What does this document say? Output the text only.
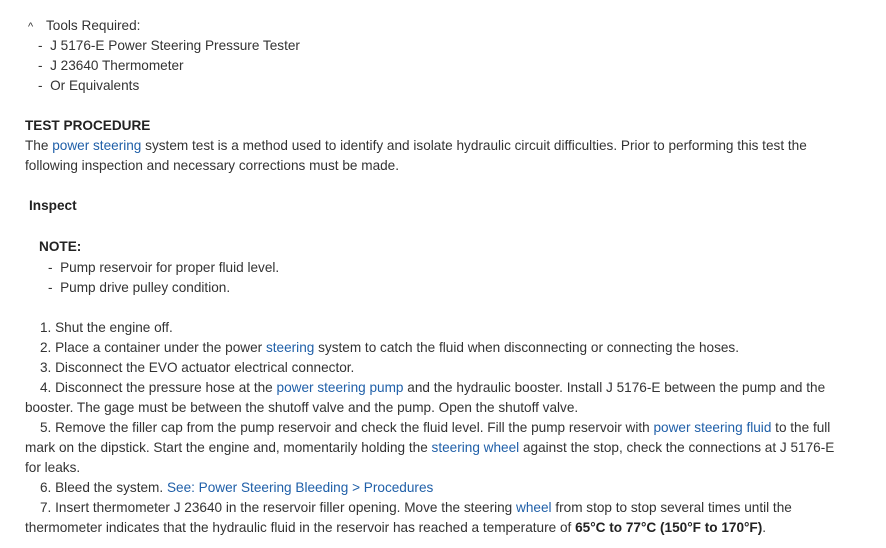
^ Tools Required:
-  J 5176-E Power Steering Pressure Tester
-  J 23640 Thermometer
-  Or Equivalents
TEST PROCEDURE
The power steering system test is a method used to identify and isolate hydraulic circuit difficulties. Prior to performing this test the
following inspection and necessary corrections must be made.
Inspect
NOTE:
-  Pump reservoir for proper fluid level.
-  Pump drive pulley condition.
1. Shut the engine off.
2. Place a container under the power steering system to catch the fluid when disconnecting or connecting the hoses.
3. Disconnect the EVO actuator electrical connector.
4. Disconnect the pressure hose at the power steering pump and the hydraulic booster. Install J 5176-E between the pump and the
booster. The gage must be between the shutoff valve and the pump. Open the shutoff valve.
5. Remove the filler cap from the pump reservoir and check the fluid level. Fill the pump reservoir with power steering fluid to the full
mark on the dipstick. Start the engine and, momentarily holding the steering wheel against the stop, check the connections at J 5176-E
for leaks.
6. Bleed the system. See: Power Steering Bleeding > Procedures
7. Insert thermometer J 23640 in the reservoir filler opening. Move the steering wheel from stop to stop several times until the
thermometer indicates that the hydraulic fluid in the reservoir has reached a temperature of 65°C to 77°C (150°F to 170°F).
